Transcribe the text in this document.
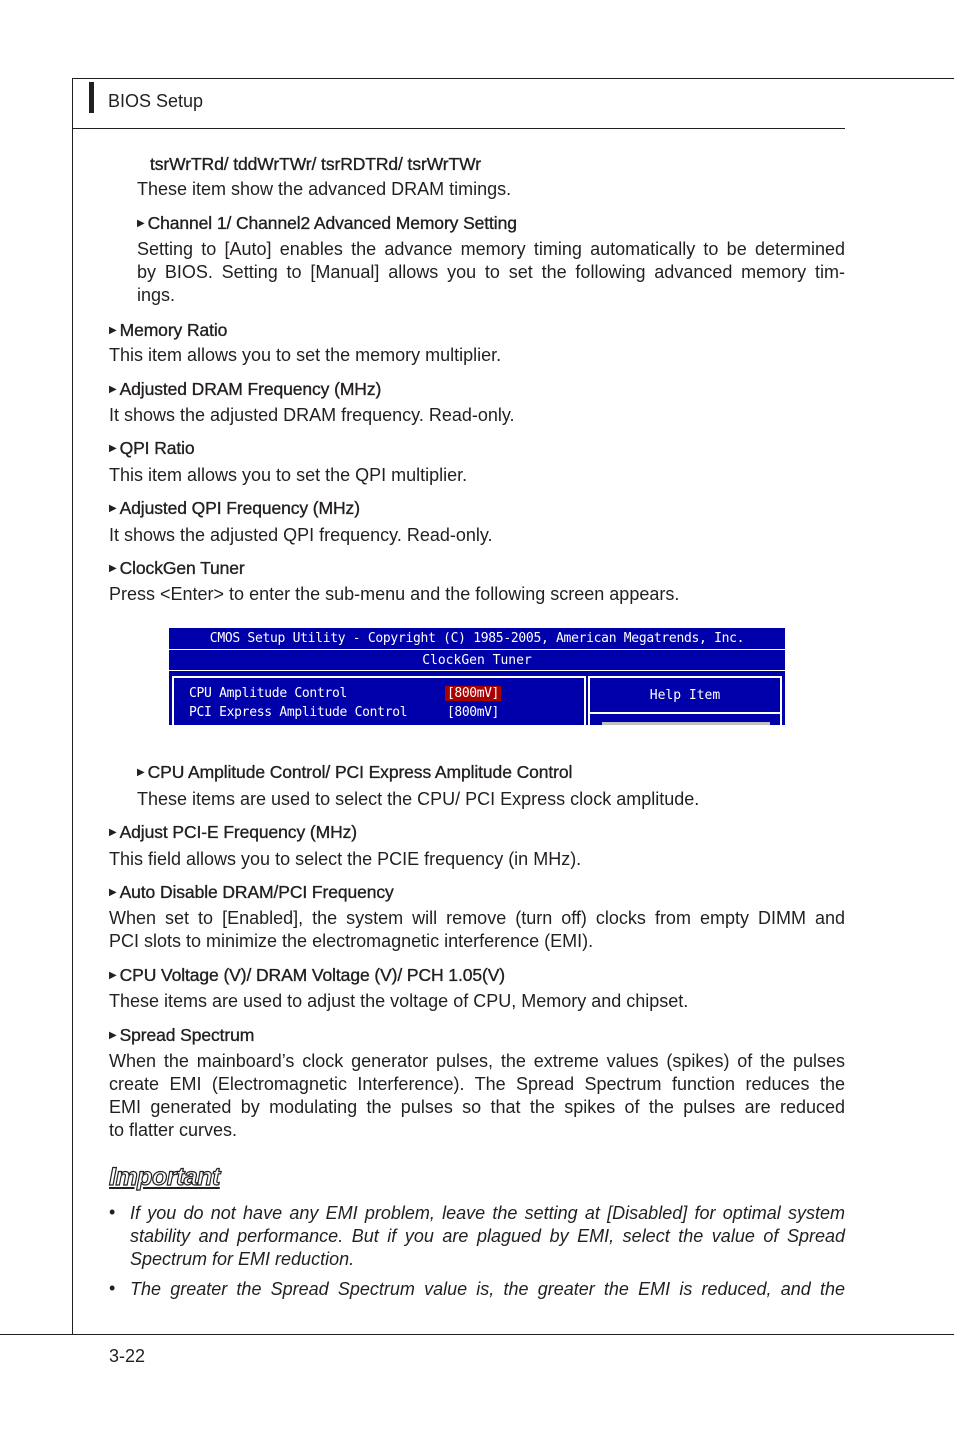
BIOS Setup
tsrWrTRd/ tddWrTWr/ tsrRDTRd/ tsrWrTWr
These item show the advanced DRAM timings.
▶ Channel 1/ Channel2 Advanced Memory Setting
Setting to [Auto] enables the advance memory timing automatically to be determined
by BIOS. Setting to [Manual] allows you to set the following advanced memory tim-
ings.
▶ Memory Ratio
This item allows you to set the memory multiplier.
▶ Adjusted DRAM Frequency (MHz)
It shows the adjusted DRAM frequency. Read-only.
▶ QPI Ratio
This item allows you to set the QPI multiplier.
▶ Adjusted QPI Frequency (MHz)
It shows the adjusted QPI frequency. Read-only.
▶ ClockGen Tuner
Press <Enter> to enter the sub-menu and the following screen appears.
CMOS Setup Utility - Copyright (C) 1985-2005, American Megatrends, Inc.
ClockGen Tuner
CPU Amplitude Control	[800mV]
PCI Express Amplitude Control	[800mV]
Help Item
▶ CPU Amplitude Control/ PCI Express Amplitude Control
These items are used to select the CPU/ PCI Express clock amplitude.
▶ Adjust PCI-E Frequency (MHz)
This field allows you to select the PCIE frequency (in MHz).
▶ Auto Disable DRAM/PCI Frequency
When set to [Enabled], the system will remove (turn off) clocks from empty DIMM and
PCI slots to minimize the electromagnetic interference (EMI).
▶ CPU Voltage (V)/ DRAM Voltage (V)/ PCH 1.05(V)
These items are used to adjust the voltage of CPU, Memory and chipset.
▶ Spread Spectrum
When the mainboard’s clock generator pulses, the extreme values (spikes) of the pulses
create EMI (Electromagnetic Interference). The Spread Spectrum function reduces the
EMI generated by modulating the pulses so that the spikes of the pulses are reduced
to flatter curves.
Important
• If you do not have any EMI problem, leave the setting at [Disabled] for optimal system
stability and performance. But if you are plagued by EMI, select the value of Spread
Spectrum for EMI reduction.
• The greater the Spread Spectrum value is, the greater the EMI is reduced, and the
3-22
